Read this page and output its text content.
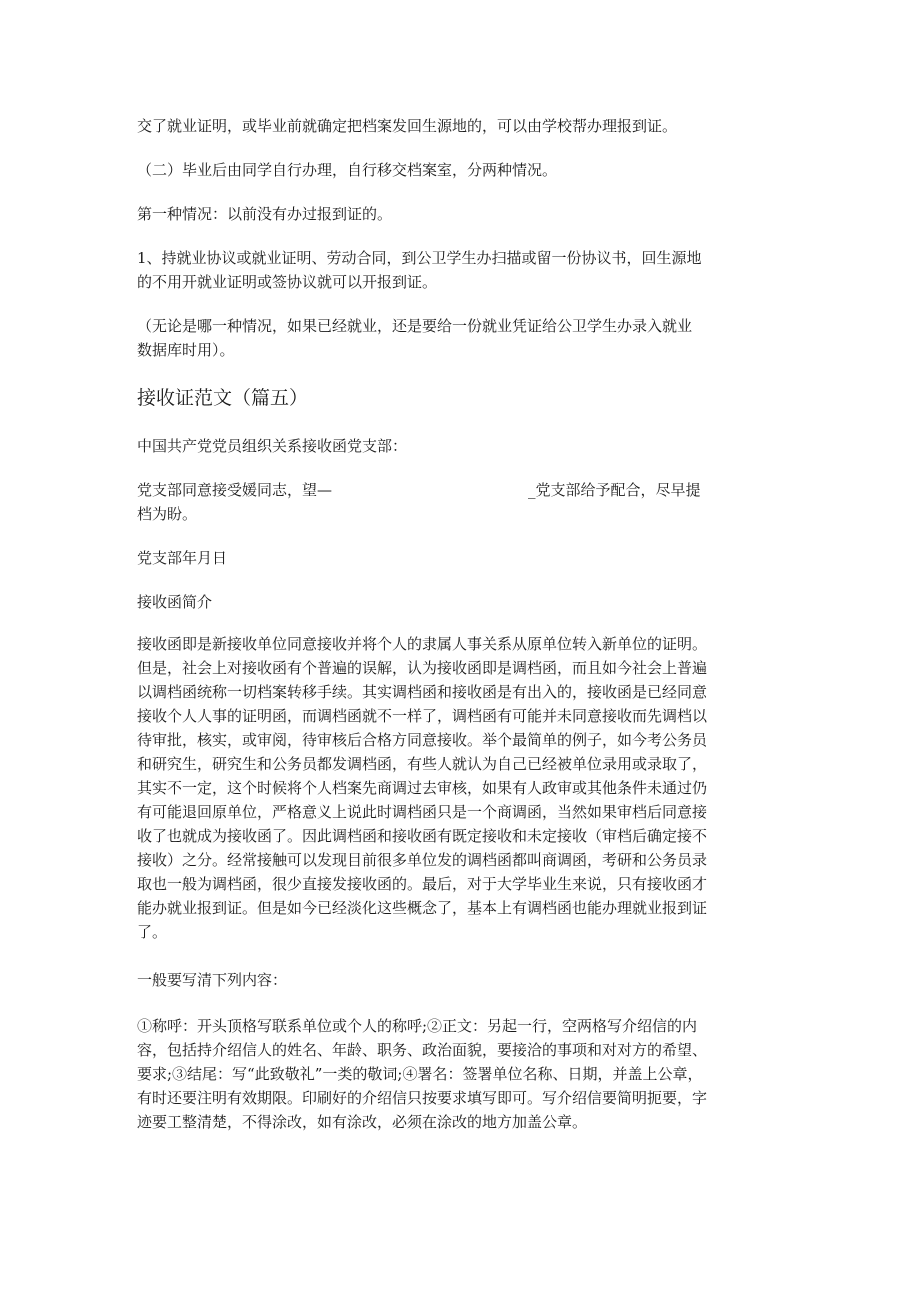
交了就业证明，或毕业前就确定把档案发回生源地的，可以由学校帮办理报到证。

（二）毕业后由同学自行办理，自行移交档案室，分两种情况。

第一种情况：以前没有办过报到证的。

1、持就业协议或就业证明、劳动合同，到公卫学生办扫描或留一份协议书，回生源地
的不用开就业证明或签协议就可以开报到证。
（无论是哪一种情况，如果已经就业，还是要给一份就业凭证给公卫学生办录入就业
数据库时用）。
接收证范文（篇五）

中国共产党党员组织关系接收函党支部：

党支部同意接受媛同志，望—	_党支部给予配合，尽早提
档为盼。

党支部年月日

接收函简介

接收函即是新接收单位同意接收并将个人的隶属人事关系从原单位转入新单位的证明。
但是，社会上对接收函有个普遍的误解，认为接收函即是调档函，而且如今社会上普遍
以调档函统称一切档案转移手续。其实调档函和接收函是有出入的，接收函是已经同意
接收个人人事的证明函，而调档函就不一样了，调档函有可能并未同意接收而先调档以
待审批，核实，或审阅，待审核后合格方同意接收。举个最简单的例子，如今考公务员
和研究生，研究生和公务员都发调档函，有些人就认为自己已经被单位录用或录取了，
其实不一定，这个时候将个人档案先商调过去审核，如果有人政审或其他条件未通过仍
有可能退回原单位，严格意义上说此时调档函只是一个商调函，当然如果审档后同意接
收了也就成为接收函了。因此调档函和接收函有既定接收和未定接收（审档后确定接不
接收）之分。经常接触可以发现目前很多单位发的调档函都叫商调函，考研和公务员录
取也一般为调档函，很少直接发接收函的。最后，对于大学毕业生来说，只有接收函才
能办就业报到证。但是如今已经淡化这些概念了，基本上有调档函也能办理就业报到证
了。

一般要写清下列内容：

①称呼：开头顶格写联系单位或个人的称呼;②正文：另起一行，空两格写介绍信的内
容，包括持介绍信人的姓名、年龄、职务、政治面貌，要接洽的事项和对对方的希望、
要求;③结尾：写“此致敬礼”一类的敬词;④署名：签署单位名称、日期，并盖上公章，
有时还要注明有效期限。印刷好的介绍信只按要求填写即可。写介绍信要简明扼要，字
迹要工整清楚，不得涂改，如有涂改，必须在涂改的地方加盖公章。
